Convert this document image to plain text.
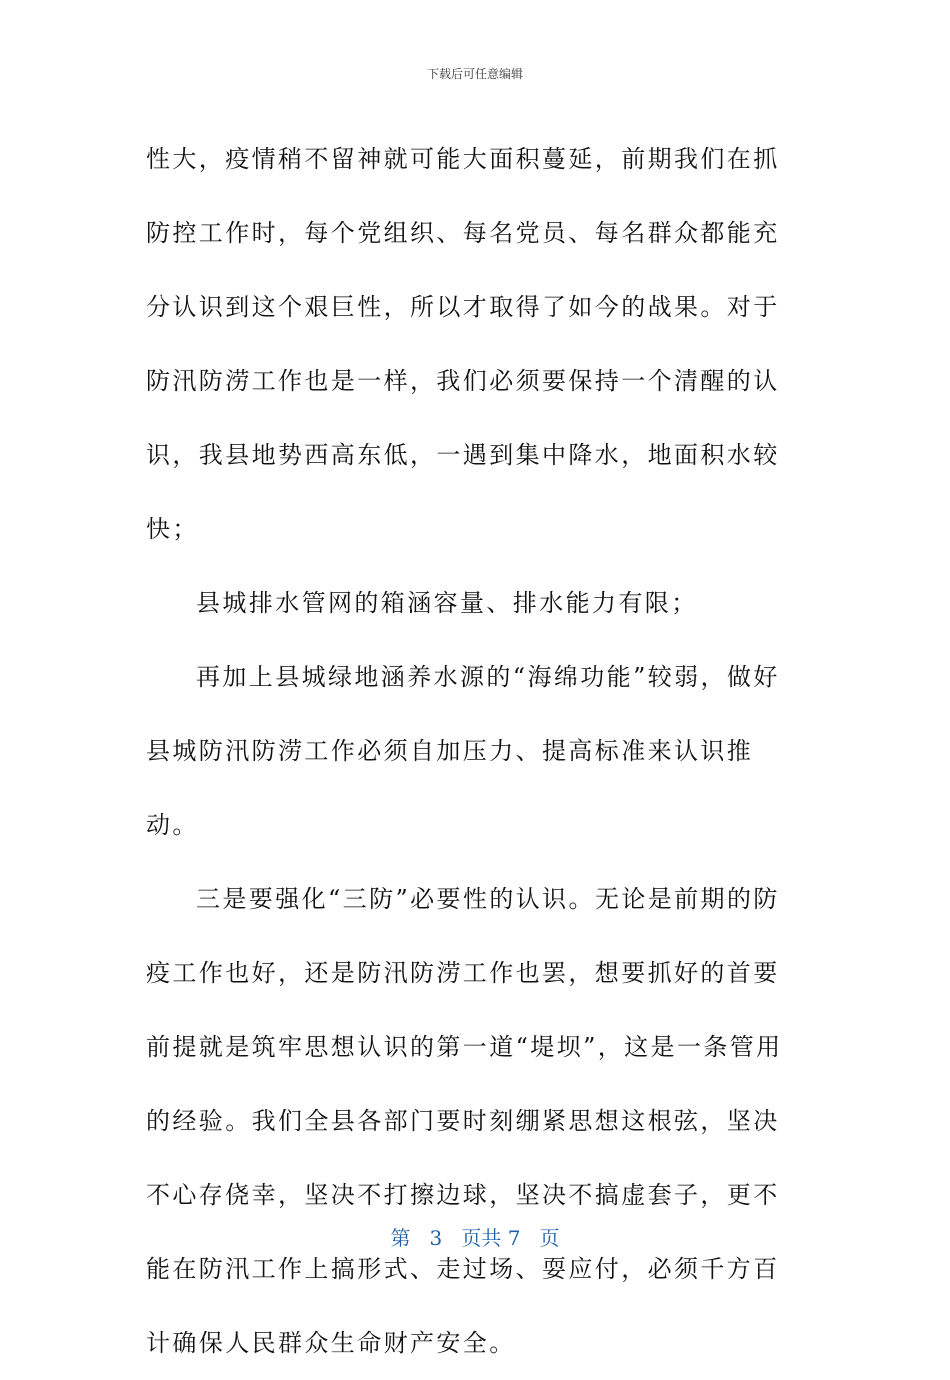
下载后可任意编辑

性大，疫情稍不留神就可能大面积蔓延，前期我们在抓防控工作时，每个党组织、每名党员、每名群众都能充分认识到这个艰巨性，所以才取得了如今的战果。对于防汛防涝工作也是一样，我们必须要保持一个清醒的认识，我县地势西高东低，一遇到集中降水，地面积水较快；

县城排水管网的箱涵容量、排水能力有限；

再加上县城绿地涵养水源的“海绵功能”较弱，做好县城防汛防涝工作必须自加压力、提高标准来认识推动。

三是要强化“三防”必要性的认识。无论是前期的防疫工作也好，还是防汛防涝工作也罢，想要抓好的首要前提就是筑牢思想认识的第一道“堤坝”，这是一条管用的经验。我们全县各部门要时刻绷紧思想这根弦，坚决不心存侥幸，坚决不打擦边球，坚决不搞虚套子，更不能在防汛工作上搞形式、走过场、耍应付，必须千方百计确保人民群众生命财产安全。

第 3 页共 7 页
